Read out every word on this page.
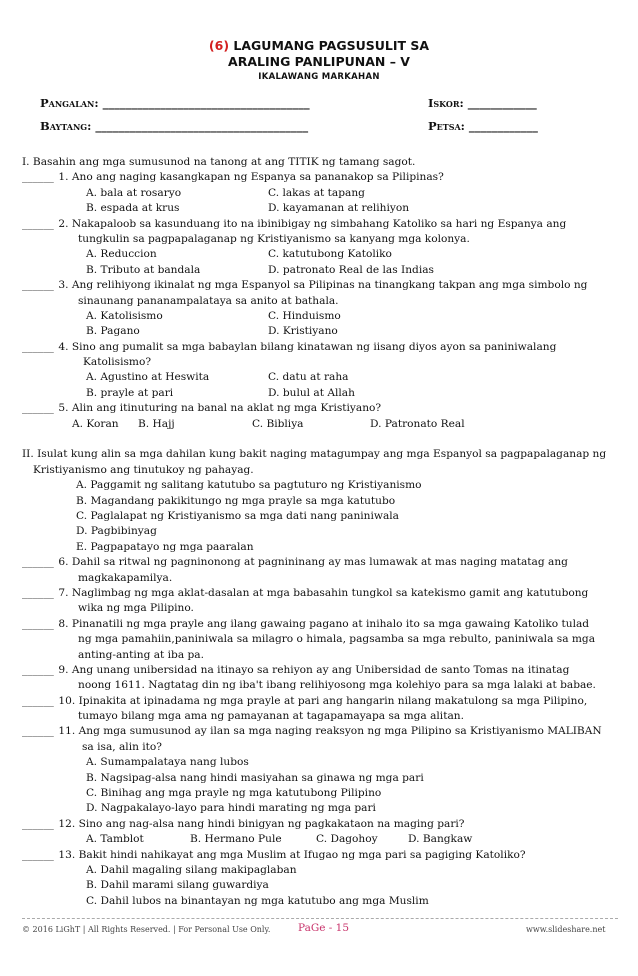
(6) LAGUMANG PAGSUSULIT SA
ARALING PANLIPUNAN – V
IKALAWANG MARKAHAN
Pangalan: ____________________________________	Iskor: ____________
Baytang: _____________________________________	Petsa: ____________
I. Basahin ang mga sumusunod na tanong at ang TITIK ng tamang sagot.
______ 1. Ano ang naging kasangkapan ng Espanya sa pananakop sa Pilipinas?
A. bala at rosaryo	C. lakas at tapang
B. espada at krus	D. kayamanan at relihiyon
______ 2. Nakapaloob sa kasunduang ito na ibinibigay ng simbahang Katoliko sa hari ng Espanya ang
tungkulin sa pagpapalaganap ng Kristiyanismo sa kanyang mga kolonya.
A. Reduccion	C. katutubong Katoliko
B. Tributo at bandala	D. patronato Real de las Indias
______ 3. Ang relihiyong ikinalat ng mga Espanyol sa Pilipinas na tinangkang takpan ang mga simbolo ng
sinaunang pananampalataya sa anito at bathala.
A. Katolisismo	C. Hinduismo
B. Pagano	D. Kristiyano
______ 4. Sino ang pumalit sa mga babaylan bilang kinatawan ng iisang diyos ayon sa paniniwalang
Katolisismo?
A. Agustino at Heswita	C. datu at raha
B. prayle at pari	D. bulul at Allah
______ 5. Alin ang itinuturing na banal na aklat ng mga Kristiyano?
A. Koran B. Hajj	C. Bibliya	D. Patronato Real
II. Isulat kung alin sa mga dahilan kung bakit naging matagumpay ang mga Espanyol sa pagpapalaganap ng
Kristiyanismo ang tinutukoy ng pahayag.
A. Paggamit ng salitang katutubo sa pagtuturo ng Kristiyanismo
B. Magandang pakikitungo ng mga prayle sa mga katutubo
C. Paglalapat ng Kristiyanismo sa mga dati nang paniniwala
D. Pagbibinyag
E. Pagpapatayo ng mga paaralan
______ 6. Dahil sa ritwal ng pagninonong at pagnininang ay mas lumawak at mas naging matatag ang
magkakapamilya.
______ 7. Naglimbag ng mga aklat-dasalan at mga babasahin tungkol sa katekismo gamit ang katutubong
wika ng mga Pilipino.
______ 8. Pinanatili ng mga prayle ang ilang gawaing pagano at inihalo ito sa mga gawaing Katoliko tulad
ng mga pamahiin,paniniwala sa milagro o himala, pagsamba sa mga rebulto, paniniwala sa mga
anting-anting at iba pa.
______ 9. Ang unang unibersidad na itinayo sa rehiyon ay ang Unibersidad de santo Tomas na itinatag
noong 1611. Nagtatag din ng iba't ibang relihiyosong mga kolehiyo para sa mga lalaki at babae.
______ 10. Ipinakita at ipinadama ng mga prayle at pari ang hangarin nilang makatulong sa mga Pilipino,
tumayo bilang mga ama ng pamayanan at tagapamayapa sa mga alitan.
______ 11. Ang mga sumusunod ay ilan sa mga naging reaksyon ng mga Pilipino sa Kristiyanismo MALIBAN
sa isa, alin ito?
A. Sumampalataya nang lubos
B. Nagsipag-alsa nang hindi masiyahan sa ginawa ng mga pari
C. Binihag ang mga prayle ng mga katutubong Pilipino
D. Nagpakalayo-layo para hindi marating ng mga pari
______ 12. Sino ang nag-alsa nang hindi binigyan ng pagkakataon na maging pari?
A. Tamblot	B. Hermano Pule	C. Dagohoy	D. Bangkaw
______ 13. Bakit hindi nahikayat ang mga Muslim at Ifugao ng mga pari sa pagiging Katoliko?
A. Dahil magaling silang makipaglaban
B. Dahil marami silang guwardiya
C. Dahil lubos na binantayan ng mga katutubo ang mga Muslim
© 2016 LiGhT | All Rights Reserved. | For Personal Use Only.	PaGe - 15	www.slideshare.net
